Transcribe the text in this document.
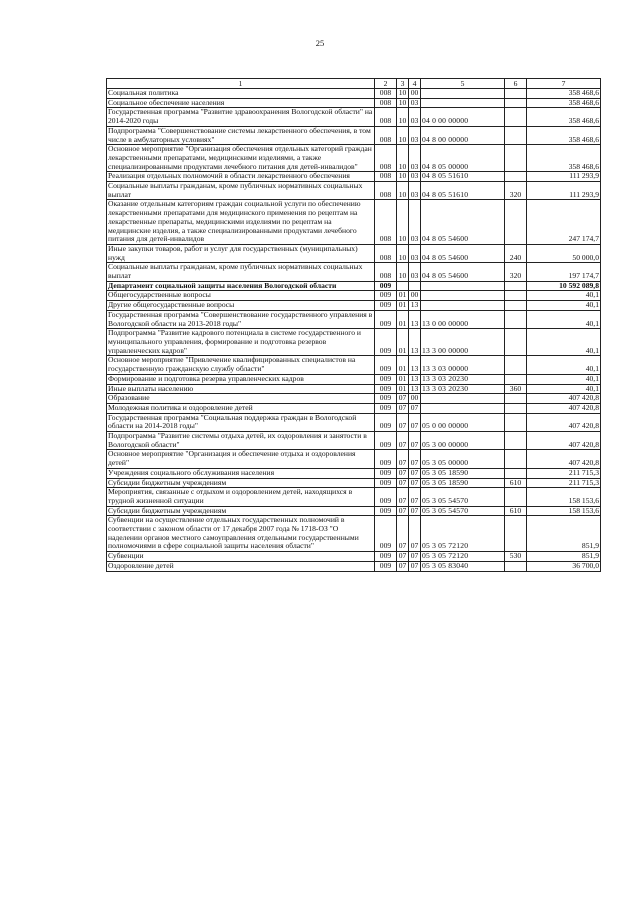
25
1	2	3	4	5	6	7
Социальная политика	008	10	00			358 468,6
Социальное обеспечение населения	008	10	03			358 468,6
Государственная программа "Развитие здравоохранения Вологодской области" на 2014-2020 годы	008	10	03	04 0 00 00000		358 468,6
Подпрограмма "Совершенствование системы лекарственного обеспечения, в том числе в амбулаторных условиях"	008	10	03	04 8 00 00000		358 468,6
Основное мероприятие "Организация обеспечения отдельных категорий граждан лекарственными препаратами, медицинскими изделиями, а также специализированными продуктами лечебного питания для детей-инвалидов"	008	10	03	04 8 05 00000		358 468,6
Реализация отдельных полномочий в области лекарственного обеспечения	008	10	03	04 8 05 51610		111 293,9
Социальные выплаты гражданам, кроме публичных нормативных социальных выплат	008	10	03	04 8 05 51610	320	111 293,9
Оказание отдельным категориям граждан социальной услуги по обеспечению лекарственными препаратами для медицинского применения по рецептам на лекарственные препараты, медицинскими изделиями по рецептам на медицинские изделия, а также специализированными продуктами лечебного питания для детей-инвалидов	008	10	03	04 8 05 54600		247 174,7
Иные закупки товаров, работ и услуг для государственных (муниципальных) нужд	008	10	03	04 8 05 54600	240	50 000,0
Социальные выплаты гражданам, кроме публичных нормативных социальных выплат	008	10	03	04 8 05 54600	320	197 174,7
Департамент социальной защиты населения Вологодской области	009					10 592 089,8
Общегосударственные вопросы	009	01	00			40,1
Другие общегосударственные вопросы	009	01	13			40,1
Государственная программа "Совершенствование государственного управления в Вологодской области на 2013-2018 годы"	009	01	13	13 0 00 00000		40,1
Подпрограмма "Развитие кадрового потенциала в системе государственного и муниципального управления, формирование и подготовка резервов управленческих кадров"	009	01	13	13 3 00 00000		40,1
Основное мероприятие "Привлечение квалифицированных специалистов на государственную гражданскую службу области"	009	01	13	13 3 03 00000		40,1
Формирование и подготовка резерва управленческих кадров	009	01	13	13 3 03 20230		40,1
Иные выплаты населению	009	01	13	13 3 03 20230	360	40,1
Образование	009	07	00			407 420,8
Молодежная политика и оздоровление детей	009	07	07			407 420,8
Государственная программа "Социальная поддержка граждан в Вологодской области на 2014-2018 годы"	009	07	07	05 0 00 00000		407 420,8
Подпрограмма "Развитие системы отдыха детей, их оздоровления и занятости в Вологодской области"	009	07	07	05 3 00 00000		407 420,8
Основное мероприятие "Организация и обеспечение отдыха и оздоровления детей"	009	07	07	05 3 05 00000		407 420,8
Учреждения социального обслуживания населения	009	07	07	05 3 05 18590		211 715,3
Субсидии бюджетным учреждениям	009	07	07	05 3 05 18590	610	211 715,3
Мероприятия, связанные с отдыхом и оздоровлением детей, находящихся в трудной жизненной ситуации	009	07	07	05 3 05 54570		158 153,6
Субсидии бюджетным учреждениям	009	07	07	05 3 05 54570	610	158 153,6
Субвенции на осуществление отдельных государственных полномочий в соответствии с законом области от 17 декабря 2007 года № 1718-ОЗ "О наделении органов местного самоуправления отдельными государственными полномочиями в сфере социальной защиты населения области"	009	07	07	05 3 05 72120		851,9
Субвенции	009	07	07	05 3 05 72120	530	851,9
Оздоровление детей	009	07	07	05 3 05 83040		36 700,0
